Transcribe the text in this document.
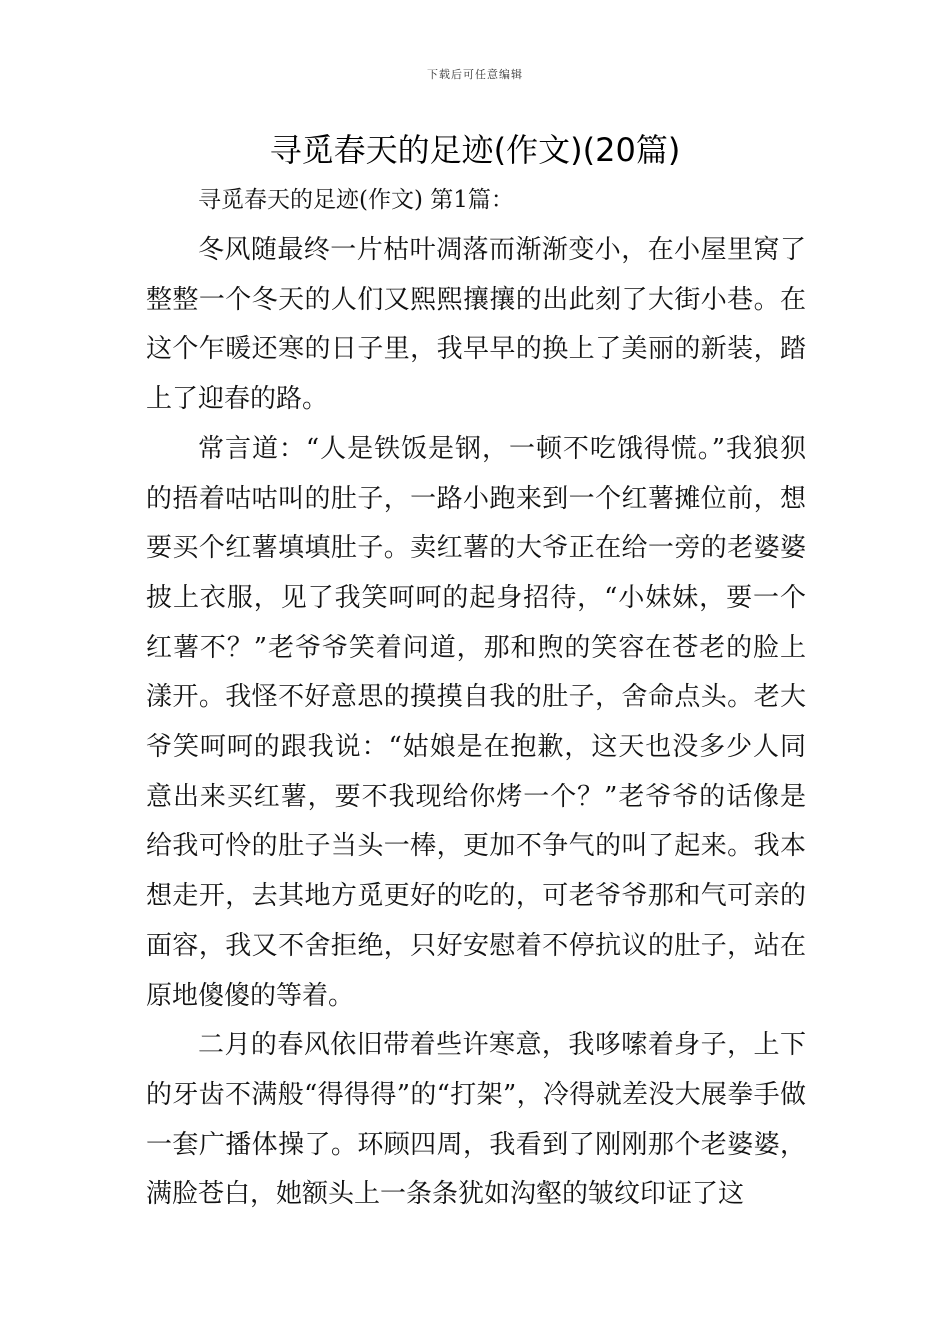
下载后可任意编辑
寻觅春天的足迹(作文)(20篇)
寻觅春天的足迹(作文) 第1篇：

冬风随最终一片枯叶凋落而渐渐变小，在小屋里窝了整整一个冬天的人们又熙熙攘攘的出此刻了大街小巷。在这个乍暖还寒的日子里，我早早的换上了美丽的新装，踏上了迎春的路。

常言道：“人是铁饭是钢，一顿不吃饿得慌。”我狼狈的捂着咕咕叫的肚子，一路小跑来到一个红薯摊位前，想要买个红薯填填肚子。卖红薯的大爷正在给一旁的老婆婆披上衣服，见了我笑呵呵的起身招待，“小妹妹，要一个红薯不？”老爷爷笑着问道，那和煦的笑容在苍老的脸上漾开。我怪不好意思的摸摸自我的肚子，舍命点头。老大爷笑呵呵的跟我说：“姑娘是在抱歉，这天也没多少人同意出来买红薯，要不我现给你烤一个？”老爷爷的话像是给我可怜的肚子当头一棒，更加不争气的叫了起来。我本想走开，去其地方觅更好的吃的，可老爷爷那和气可亲的面容，我又不舍拒绝，只好安慰着不停抗议的肚子，站在原地傻傻的等着。

二月的春风依旧带着些许寒意，我哆嗦着身子，上下的牙齿不满般“得得得”的“打架”，冷得就差没大展拳手做一套广播体操了。环顾四周，我看到了刚刚那个老婆婆，满脸苍白，她额头上一条条犹如沟壑的皱纹印证了这
